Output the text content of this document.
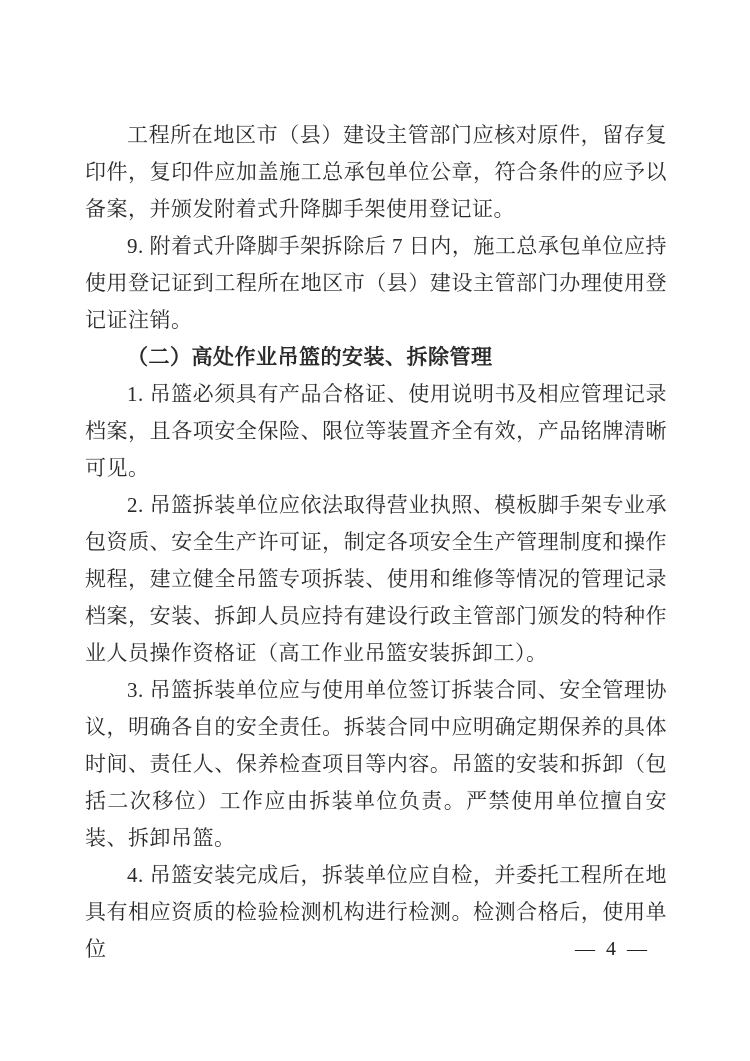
工程所在地区市（县）建设主管部门应核对原件，留存复印件，复印件应加盖施工总承包单位公章，符合条件的应予以备案，并颁发附着式升降脚手架使用登记证。

9. 附着式升降脚手架拆除后 7 日内，施工总承包单位应持使用登记证到工程所在地区市（县）建设主管部门办理使用登记证注销。

（二）高处作业吊篮的安装、拆除管理

1. 吊篮必须具有产品合格证、使用说明书及相应管理记录档案，且各项安全保险、限位等装置齐全有效，产品铭牌清晰可见。

2. 吊篮拆装单位应依法取得营业执照、模板脚手架专业承包资质、安全生产许可证，制定各项安全生产管理制度和操作规程，建立健全吊篮专项拆装、使用和维修等情况的管理记录档案，安装、拆卸人员应持有建设行政主管部门颁发的特种作业人员操作资格证（高工作业吊篮安装拆卸工）。

3. 吊篮拆装单位应与使用单位签订拆装合同、安全管理协议，明确各自的安全责任。拆装合同中应明确定期保养的具体时间、责任人、保养检查项目等内容。吊篮的安装和拆卸（包括二次移位）工作应由拆装单位负责。严禁使用单位擅自安装、拆卸吊篮。

4. 吊篮安装完成后，拆装单位应自检，并委托工程所在地具有相应资质的检验检测机构进行检测。检测合格后，使用单位	— 4 —
